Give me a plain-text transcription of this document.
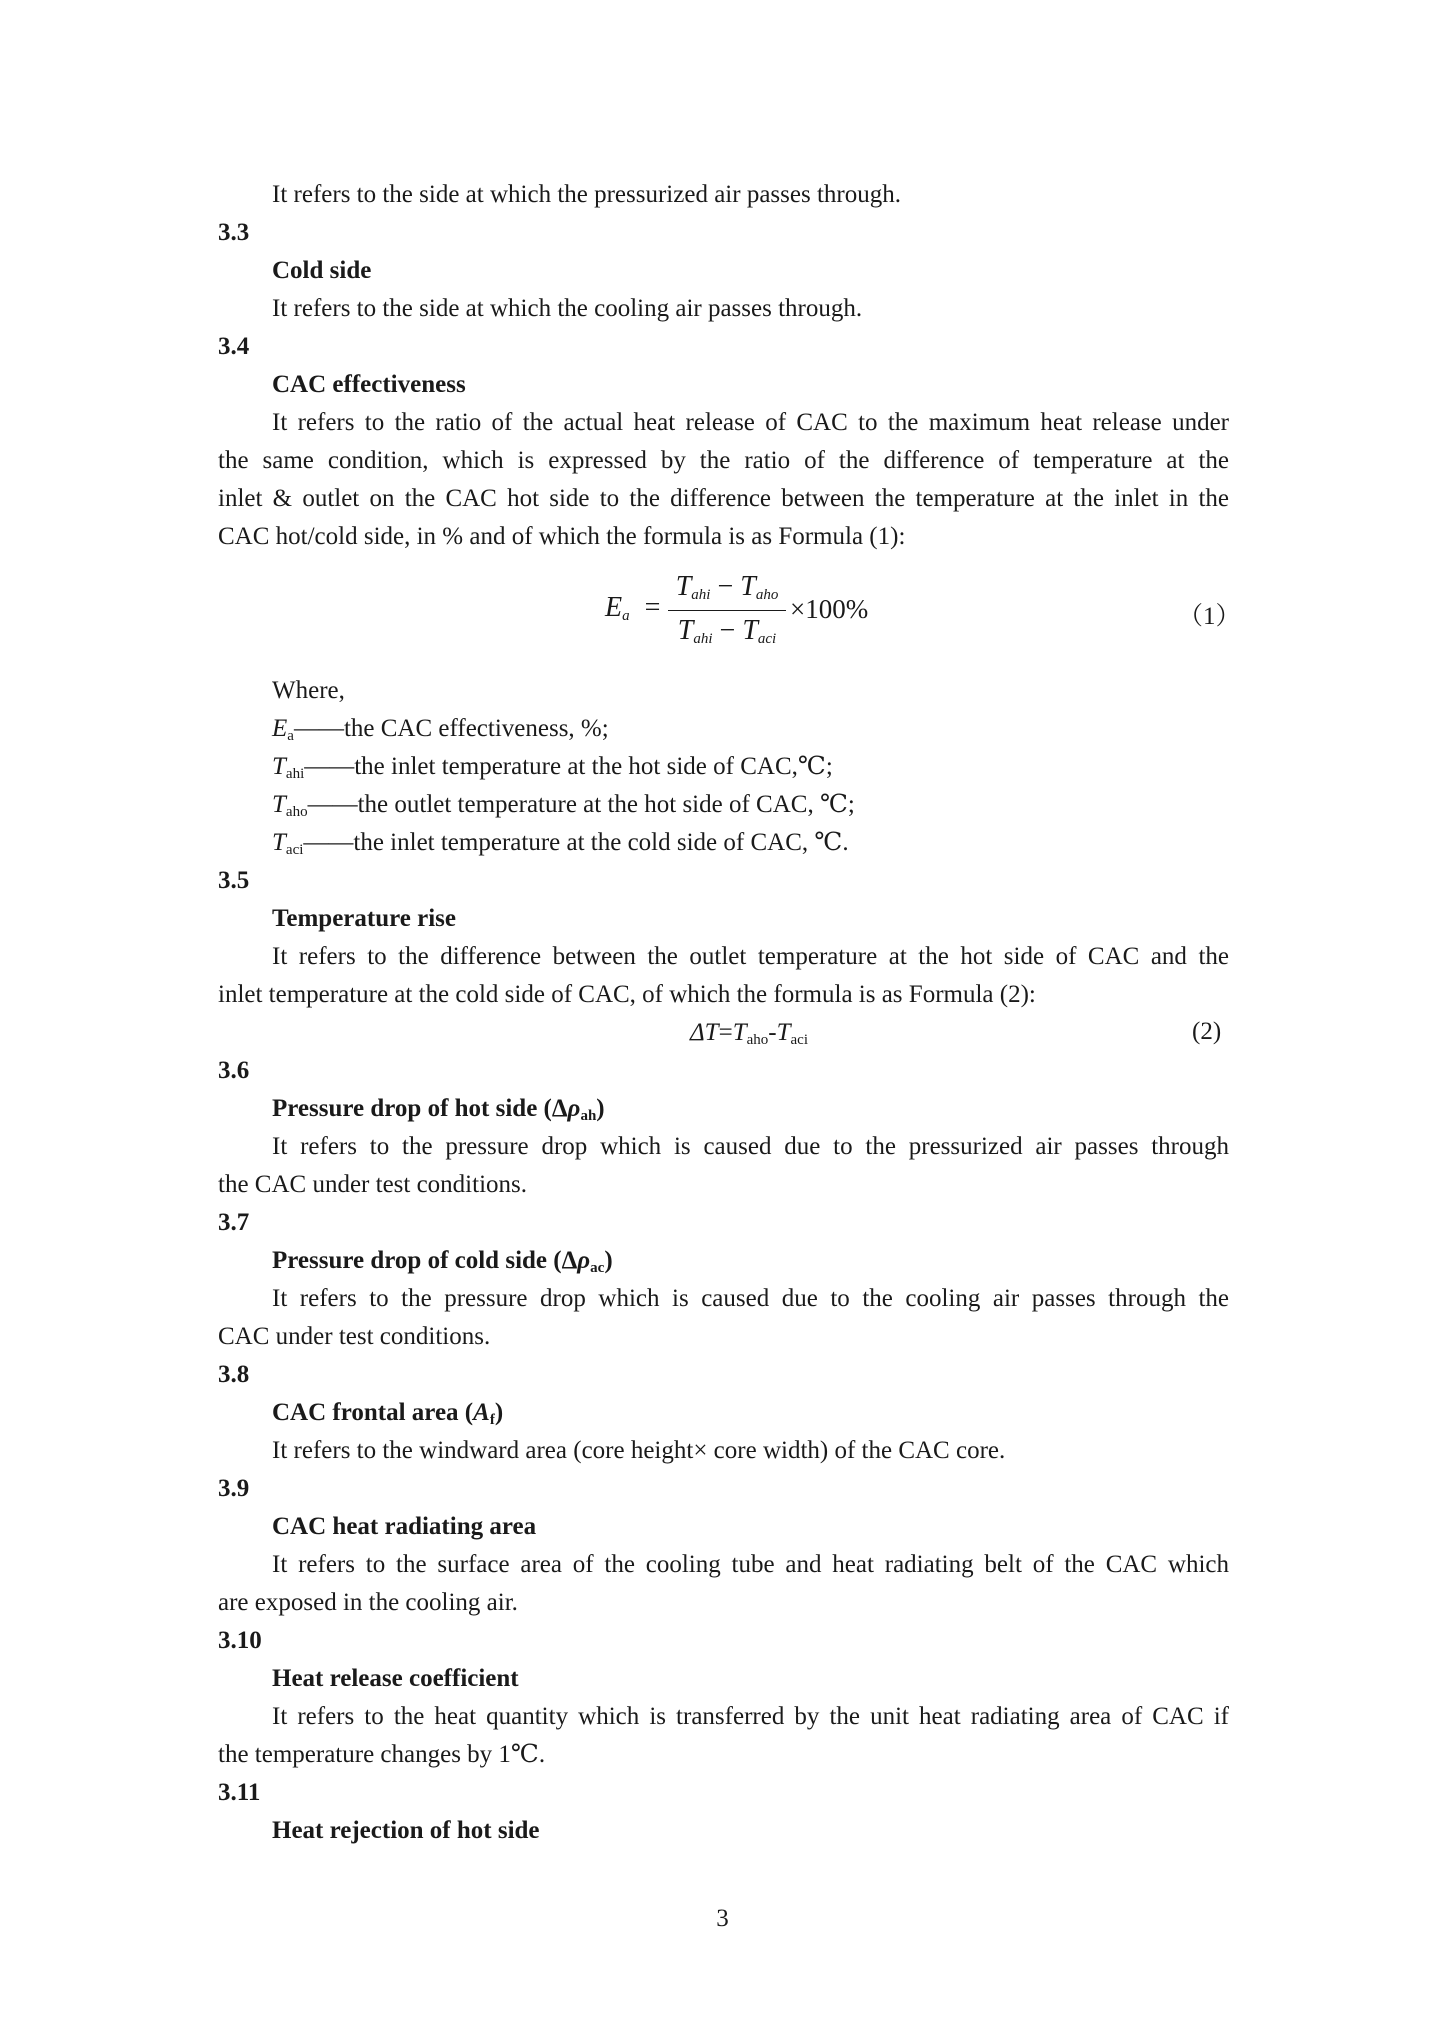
It refers to the side at which the pressurized air passes through.
3.3
Cold side
It refers to the side at which the cooling air passes through.
3.4
CAC effectiveness
It refers to the ratio of the actual heat release of CAC to the maximum heat release under
the same condition, which is expressed by the ratio of the difference of temperature at the
inlet & outlet on the CAC hot side to the difference between the temperature at the inlet in the
CAC hot/cold side, in % and of which the formula is as Formula (1):
$E_a$ =
$T_{ahi} - T_{aho}$
$T_{ahi} - T_{aci}$
×100%	（1）
Where,
$E_a——the$ CAC effectiveness, %;
$T_{ahi}——the$ inlet temperature at the hot side of CAC,℃;
$T_{aho}——the$ outlet temperature at the hot side of CAC, ℃;
$T_{aci}——the$ inlet temperature at the cold side of CAC, ℃.
3.5
Temperature rise
It refers to the difference between the outlet temperature at the hot side of CAC and the
inlet temperature at the cold side of CAC, of which the formula is as Formula (2):
$\Delta T=T_{aho}-T_{aci}$	(2)
3.6
Pressure drop of hot side $(\Delta\rho_{ah})$
It refers to the pressure drop which is caused due to the pressurized air passes through
the CAC under test conditions.
3.7
Pressure drop of cold side $(\Delta\rho_{ac})$
It refers to the pressure drop which is caused due to the cooling air passes through the
CAC under test conditions.
3.8
CAC frontal area $(A_f)$
It refers to the windward area (core height× core width) of the CAC core.
3.9
CAC heat radiating area
It refers to the surface area of the cooling tube and heat radiating belt of the CAC which
are exposed in the cooling air.
3.10
Heat release coefficient
It refers to the heat quantity which is transferred by the unit heat radiating area of CAC if
the temperature changes by 1℃.
3.11
Heat rejection of hot side
3
